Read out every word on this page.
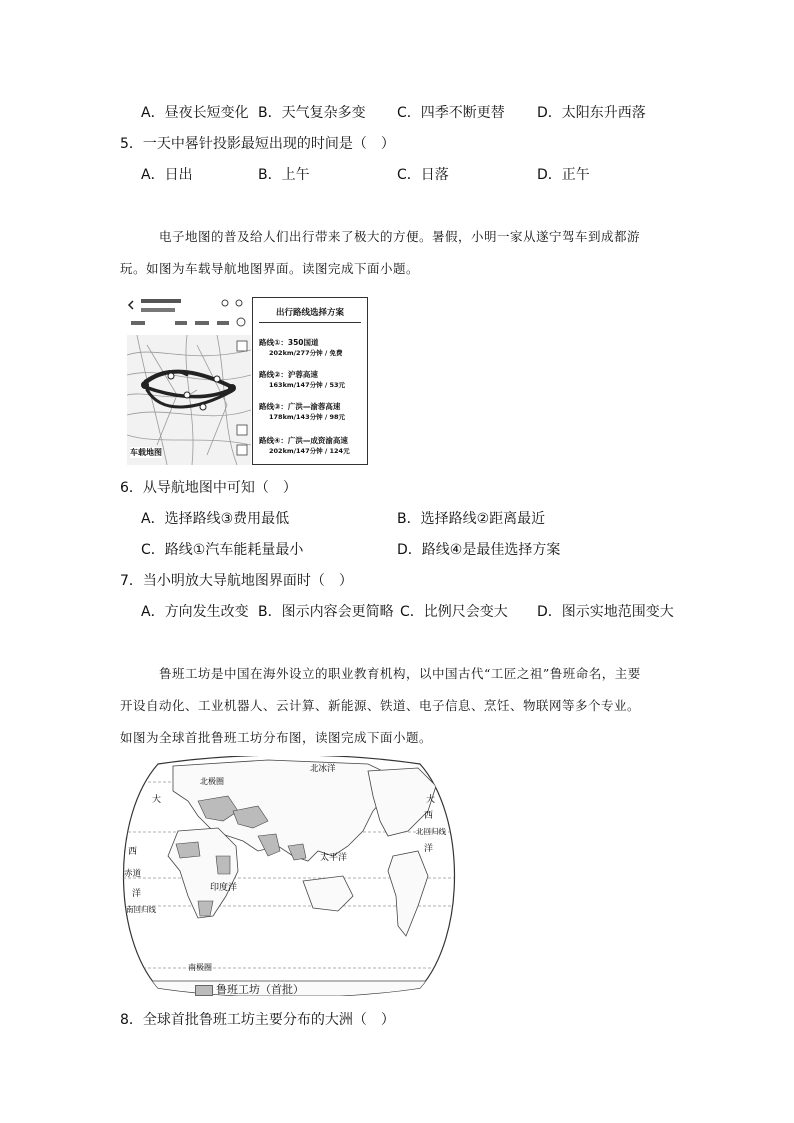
A．昼夜长短变化 B．天气复杂多变 C．四季不断更替 D．太阳东升西落
5．一天中晷针投影最短出现的时间是（　）
A．日出	B．上午	C．日落	D．正午
电子地图的普及给人们出行带来了极大的方便。暑假，小明一家从遂宁驾车到成都游
玩。如图为车载导航地图界面。读图完成下面小题。
车载地图
出行路线选择方案
路线①：350国道
202km/277分钟 / 免费
路线②：沪蓉高速
163km/147分钟 / 53元
路线③：广洪—渝蓉高速
178km/143分钟 / 98元
路线④：广洪—成资渝高速
202km/147分钟 / 124元
6．从导航地图中可知（　）
A．选择路线③费用最低	B．选择路线②距离最近
C．路线①汽车能耗量最小	D．路线④是最佳选择方案
7．当小明放大导航地图界面时（　）
A．方向发生改变 B．图示内容会更简略 C．比例尺会变大 D．图示实地范围变大
鲁班工坊是中国在海外设立的职业教育机构，以中国古代“工匠之祖”鲁班命名，主要
开设自动化、工业机器人、云计算、新能源、铁道、电子信息、烹饪、物联网等多个专业。
如图为全球首批鲁班工坊分布图，读图完成下面小题。
北极圈
北冰洋
大	大
西
西
北回归线
洋
太平洋
赤道
洋
印度洋
南回归线
南极圈
鲁班工坊（首批）
8．全球首批鲁班工坊主要分布的大洲（　）
